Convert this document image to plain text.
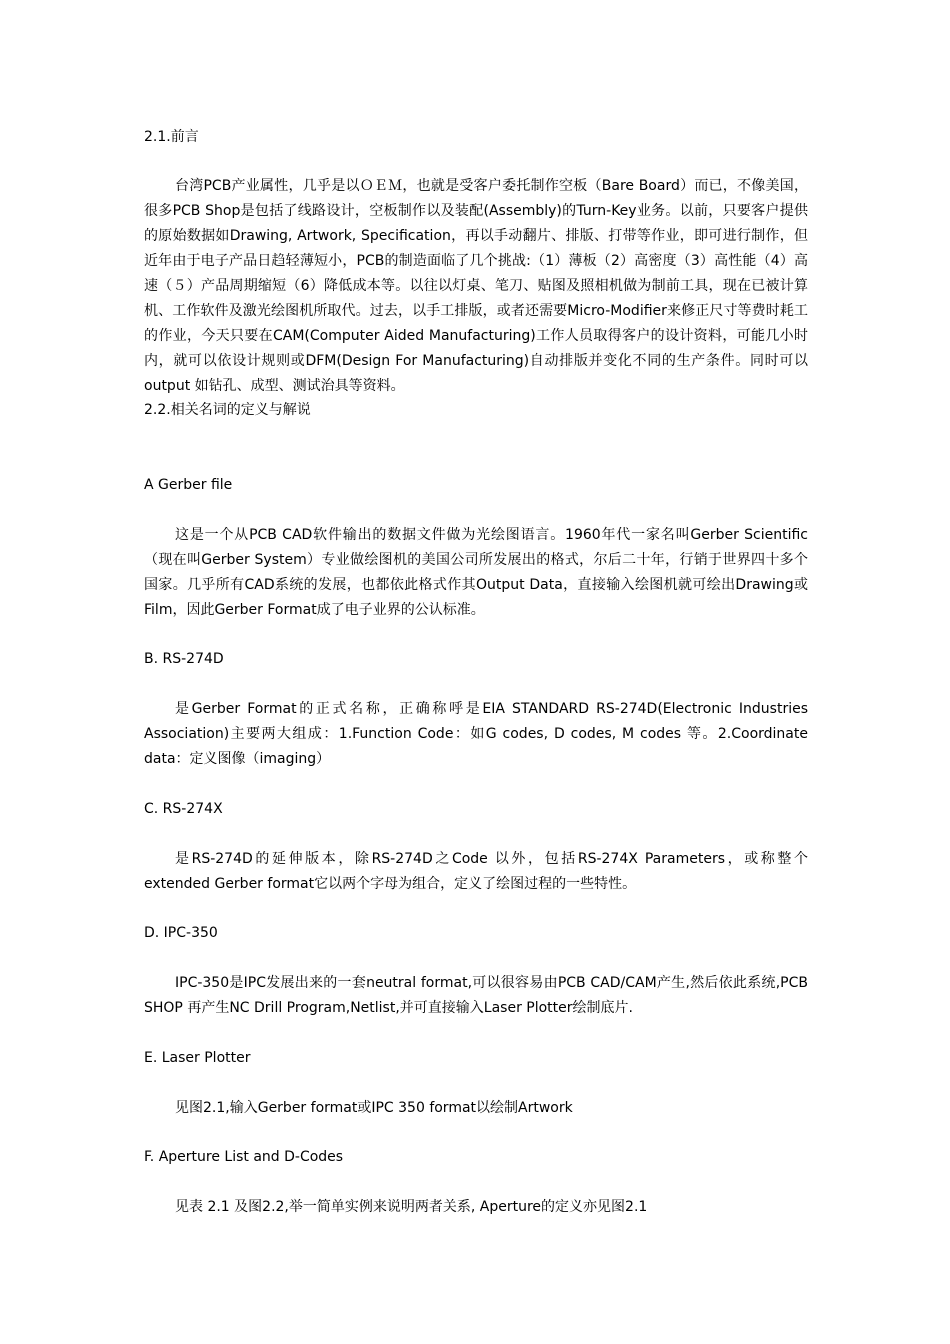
2.1.前言

台湾PCB产业属性，几乎是以ＯＥＭ，也就是受客户委托制作空板（Bare Board）而已，不像美国，很多PCB Shop是包括了线路设计，空板制作以及装配(Assembly)的Turn-Key业务。以前，只要客户提供的原始数据如Drawing, Artwork, Specification，再以手动翻片、排版、打带等作业，即可进行制作，但近年由于电子产品日趋轻薄短小，PCB的制造面临了几个挑战:（1）薄板（2）高密度（3）高性能（4）高速（５）产品周期缩短（6）降低成本等。以往以灯桌、笔刀、贴图及照相机做为制前工具，现在已被计算机、工作软件及激光绘图机所取代。过去，以手工排版，或者还需要Micro-Modifier来修正尺寸等费时耗工的作业，今天只要在CAM(Computer Aided Manufacturing)工作人员取得客户的设计资料，可能几小时内，就可以依设计规则或DFM(Design For Manufacturing)自动排版并变化不同的生产条件。同时可以output 如钻孔、成型、测试治具等资料。

2.2.相关名词的定义与解说

A Gerber file

这是一个从PCB CAD软件输出的数据文件做为光绘图语言。1960年代一家名叫Gerber Scientific（现在叫Gerber System）专业做绘图机的美国公司所发展出的格式，尔后二十年，行销于世界四十多个国家。几乎所有CAD系统的发展，也都依此格式作其Output Data，直接输入绘图机就可绘出Drawing或Film，因此Gerber Format成了电子业界的公认标准。

B. RS-274D

是Gerber Format的正式名称，正确称呼是EIA STANDARD RS-274D(Electronic Industries Association)主要两大组成：1.Function Code：如G codes, D codes, M codes 等。2.Coordinate data：定义图像（imaging）

C. RS-274X

是RS-274D的延伸版本，除RS-274D之Code 以外，包括RS-274X Parameters，或称整个extended Gerber format它以两个字母为组合，定义了绘图过程的一些特性。

D. IPC-350

IPC-350是IPC发展出来的一套neutral format,可以很容易由PCB CAD/CAM产生,然后依此系统,PCB SHOP 再产生NC Drill Program,Netlist,并可直接输入Laser Plotter绘制底片.

E. Laser Plotter

见图2.1,输入Gerber format或IPC 350 format以绘制Artwork

F. Aperture List and D-Codes

见表 2.1 及图2.2,举一简单实例来说明两者关系, Aperture的定义亦见图2.1
